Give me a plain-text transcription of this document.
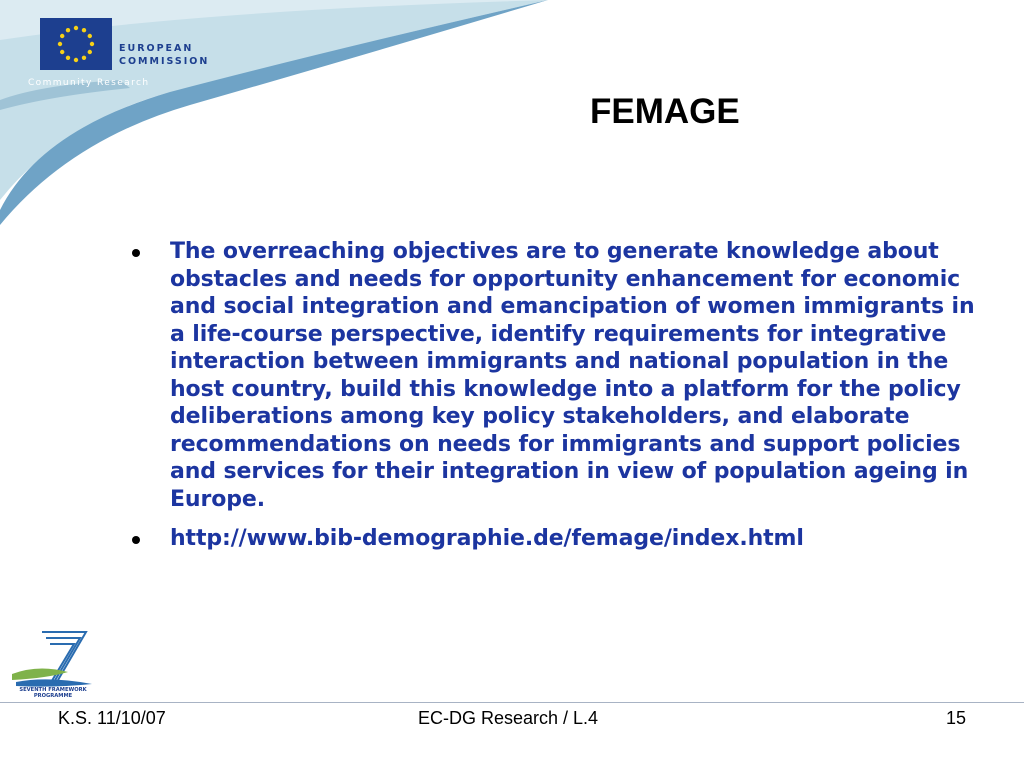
EUROPEAN
COMMISSION
Community Research
FEMAGE
The overreaching objectives are to generate knowledge about obstacles and needs for opportunity enhancement for economic and social integration and emancipation of women immigrants in a life-course perspective, identify requirements for integrative interaction between immigrants and national population in the host country, build this knowledge into a platform for the policy deliberations among key policy stakeholders, and elaborate recommendations on needs for immigrants and support policies and services for their integration in view of population ageing in Europe.
http://www.bib-demographie.de/femage/index.html
SEVENTH FRAMEWORK
PROGRAMME
K.S. 11/10/07	EC-DG Research / L.4	15
